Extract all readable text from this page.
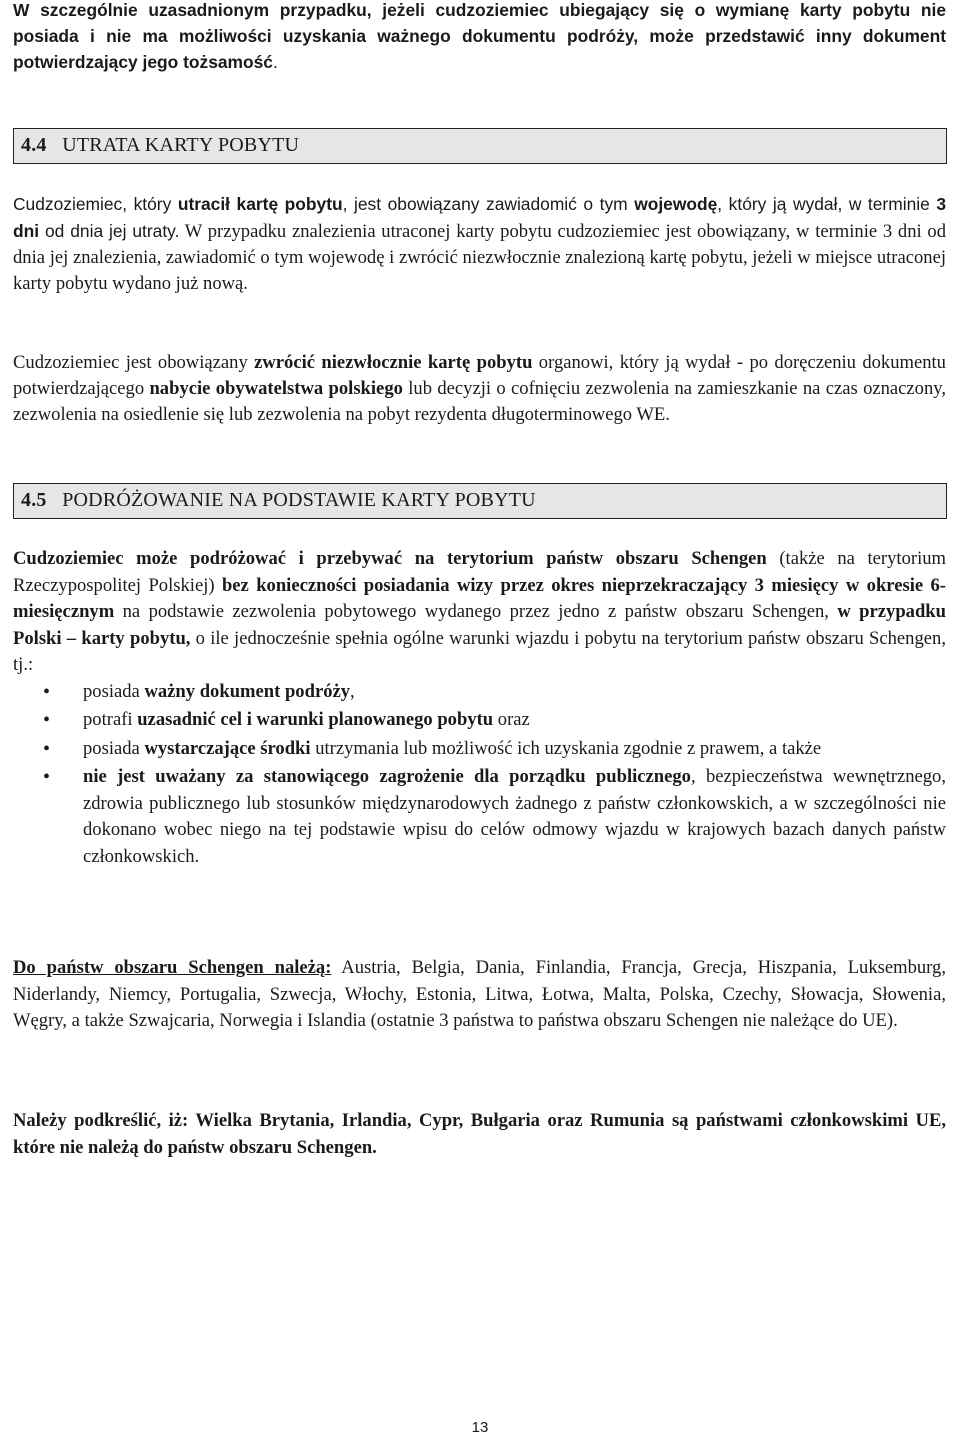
W szczególnie uzasadnionym przypadku, jeżeli cudzoziemiec ubiegający się o wymianę karty pobytu nie posiada i nie ma możliwości uzyskania ważnego dokumentu podróży, może przedstawić inny dokument potwierdzający jego tożsamość.

4.4 UTRATA KARTY POBYTU

Cudzoziemiec, który utracił kartę pobytu, jest obowiązany zawiadomić o tym wojewodę, który ją wydał, w terminie 3 dni od dnia jej utraty. W przypadku znalezienia utraconej karty pobytu cudzoziemiec jest obowiązany, w terminie 3 dni od dnia jej znalezienia, zawiadomić o tym wojewodę i zwrócić niezwłocznie znalezioną kartę pobytu, jeżeli w miejsce utraconej karty pobytu wydano już nową.

Cudzoziemiec jest obowiązany zwrócić niezwłocznie kartę pobytu organowi, który ją wydał - po doręczeniu dokumentu potwierdzającego nabycie obywatelstwa polskiego lub decyzji o cofnięciu zezwolenia na zamieszkanie na czas oznaczony, zezwolenia na osiedlenie się lub zezwolenia na pobyt rezydenta długoterminowego WE.

4.5 PODRÓŻOWANIE NA PODSTAWIE KARTY POBYTU

Cudzoziemiec może podróżować i przebywać na terytorium państw obszaru Schengen (także na terytorium Rzeczypospolitej Polskiej) bez konieczności posiadania wizy przez okres nieprzekraczający 3 miesięcy w okresie 6-miesięcznym na podstawie zezwolenia pobytowego wydanego przez jedno z państw obszaru Schengen, w przypadku Polski – karty pobytu, o ile jednocześnie spełnia ogólne warunki wjazdu i pobytu na terytorium państw obszaru Schengen, tj.:

• posiada ważny dokument podróży,
• potrafi uzasadnić cel i warunki planowanego pobytu oraz
• posiada wystarczające środki utrzymania lub możliwość ich uzyskania zgodnie z prawem, a także
• nie jest uważany za stanowiącego zagrożenie dla porządku publicznego, bezpieczeństwa wewnętrznego, zdrowia publicznego lub stosunków międzynarodowych żadnego z państw członkowskich, a w szczególności nie dokonano wobec niego na tej podstawie wpisu do celów odmowy wjazdu w krajowych bazach danych państw członkowskich.

Do państw obszaru Schengen należą: Austria, Belgia, Dania, Finlandia, Francja, Grecja, Hiszpania, Luksemburg, Niderlandy, Niemcy, Portugalia, Szwecja, Włochy, Estonia, Litwa, Łotwa, Malta, Polska, Czechy, Słowacja, Słowenia, Węgry, a także Szwajcaria, Norwegia i Islandia (ostatnie 3 państwa to państwa obszaru Schengen nie należące do UE).

Należy podkreślić, iż: Wielka Brytania, Irlandia, Cypr, Bułgaria oraz Rumunia są państwami członkowskimi UE, które nie należą do państw obszaru Schengen.

13
